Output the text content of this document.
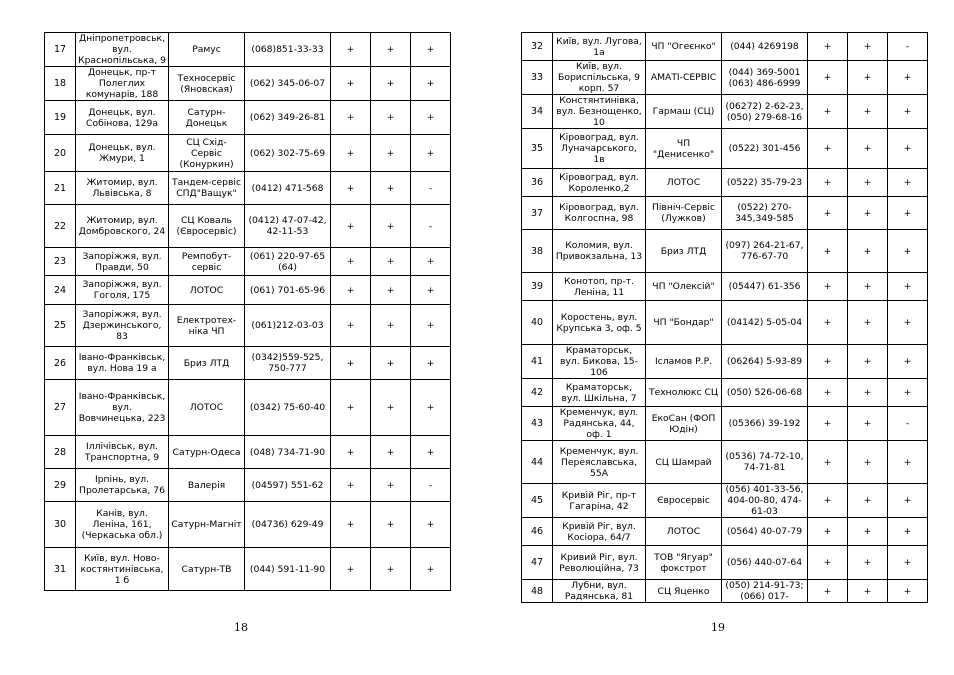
17	Дніпропетровськ, вул. Краснопільська, 9	Рамус	(068)851-33-33	+	+	+
18	Донецьк, пр-т Полеглих комунарів, 188	Техносервіс (Яновская)	(062) 345-06-07	+	+	+
19	Донецьк, вул. Собінова, 129а	Сатурн-Донецьк	(062) 349-26-81	+	+	+
20	Донецьк, вул. Жмури, 1	СЦ Схід-Сервіс (Конуркин)	(062) 302-75-69	+	+	+
21	Житомир, вул. Львівська, 8	Тандем-сервіс СПД"Ващук"	(0412) 471-568	+	+	-
22	Житомир, вул. Домбровского, 24	СЦ Коваль (Євросервіс)	(0412) 47-07-42, 42-11-53	+	+	-
23	Запоріжжя, вул. Правди, 50	Ремпобут-сервіс	(061) 220-97-65 (64)	+	+	+
24	Запоріжжя, вул. Гоголя, 175	ЛОТОС	(061) 701-65-96	+	+	+
25	Запоріжжя, вул. Дзержинського, 83	Електротех-ніка ЧП	(061)212-03-03	+	+	+
26	Івано-Франківськ, вул. Нова 19 а	Бриз ЛТД	(0342)559-525, 750-777	+	+	+
27	Івано-Франківськ, вул. Вовчинецька, 223	ЛОТОС	(0342) 75-60-40	+	+	+
28	Іллічівськ, вул. Транспортна, 9	Сатурн-Одеса	(048) 734-71-90	+	+	+
29	Ірпінь, вул. Пролетарська, 76	Валерія	(04597) 551-62	+	+	-
30	Канів, вул. Леніна, 161, (Черкаська обл.)	Сатурн-Магніт	(04736) 629-49	+	+	+
31	Київ, вул. Ново-костянтинівська, 1 б	Сатурн-ТВ	(044) 591-11-90	+	+	+
18
32	Київ, вул. Лугова, 1а	ЧП "Огеєнко"	(044) 4269198	+	+	-
33	Київ, вул. Бориспільська, 9 корп. 57	АМАТІ-СЕРВІС	(044) 369-5001 (063) 486-6999	+	+	+
34	Констянтинівка, вул. Безнощенко, 10	Гармаш (СЦ)	(06272) 2-62-23, (050) 279-68-16	+	+	+
35	Кіровоград, вул. Луначарського, 1в	ЧП "Денисенко"	(0522) 301-456	+	+	+
36	Кіровоград, вул. Короленко,2	ЛОТОС	(0522) 35-79-23	+	+	+
37	Кіровоград, вул. Колгоспна, 98	Північ-Сервіс (Лужков)	(0522) 270-345,349-585	+	+	+
38	Коломия, вул. Привокзальна, 13	Бриз ЛТД	(097) 264-21-67, 776-67-70	+	+	+
39	Конотоп, пр-т. Леніна, 11	ЧП "Олексій"	(05447) 61-356	+	+	+
40	Коростень, вул. Крупська 3, оф. 5	ЧП "Бондар"	(04142) 5-05-04	+	+	+
41	Краматорськ, вул. Бикова, 15-106	Ісламов Р.Р.	(06264) 5-93-89	+	+	+
42	Краматорськ, вул. Шкільна, 7	Технолюкс СЦ	(050) 526-06-68	+	+	+
43	Кременчук, вул. Радянська, 44, оф. 1	ЕкоСан (ФОП Юдін)	(05366) 39-192	+	+	-
44	Кременчук, вул. Переяславська, 55А	СЦ Шамрай	(0536) 74-72-10, 74-71-81	+	+	+
45	Кривій Ріг, пр-т Гагаріна, 42	Євросервіс	(056) 401-33-56, 404-00-80, 474-61-03	+	+	+
46	Кривій Ріг, вул. Косіора, 64/7	ЛОТОС	(0564) 40-07-79	+	+	+
47	Кривий Ріг, вул. Революційна, 73	ТОВ "Ягуар" фокстрот	(056) 440-07-64	+	+	+
48	Лубни, вул. Радянська, 81	СЦ Яценко	(050) 214-91-73; (066) 017-	+	+	+
19
